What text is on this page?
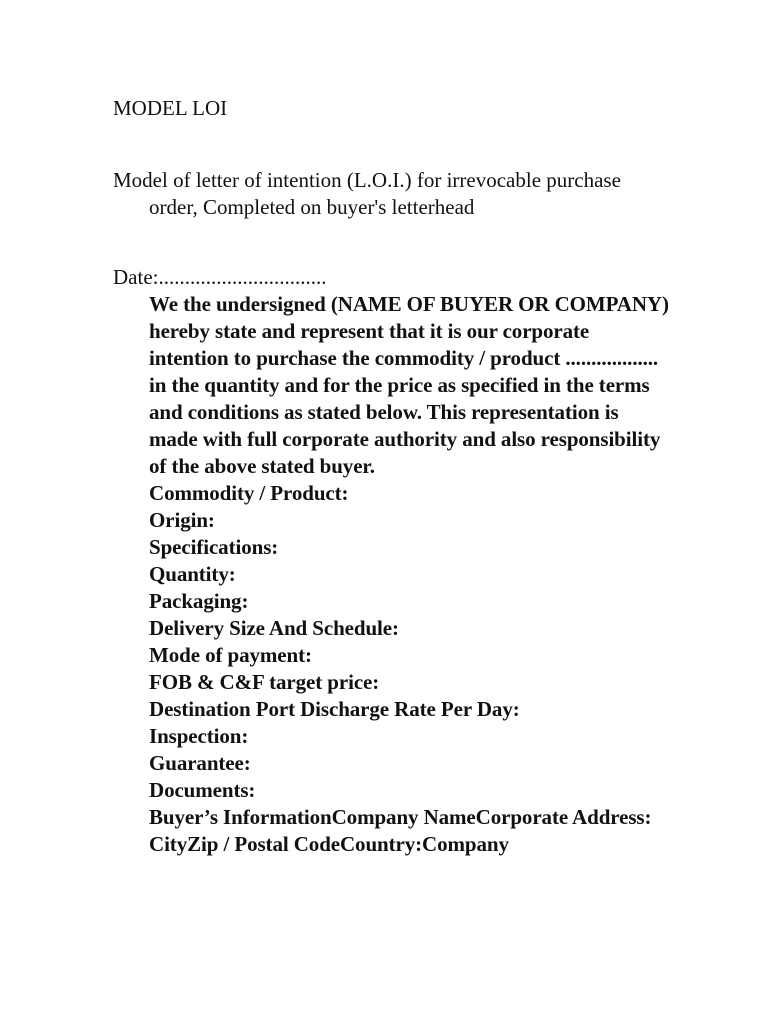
MODEL LOI
Model of letter of intention (L.O.I.) for irrevocable purchase order, Completed on buyer's letterhead
Date:................................

We the undersigned (NAME OF BUYER OR COMPANY) hereby state and represent that it is our corporate intention to purchase the commodity / product .................. in the quantity and for the price as specified in the terms and conditions as stated below. This representation is made with full corporate authority and also responsibility of the above stated buyer.

Commodity / Product:
Origin:
Specifications:
Quantity:
Packaging:
Delivery Size And Schedule:
Mode of payment:
FOB & C&F target price:
Destination Port Discharge Rate Per Day:
Inspection:
Guarantee:
Documents:

Buyer’s InformationCompany NameCorporate Address:

CityZip / Postal CodeCountry:Company
